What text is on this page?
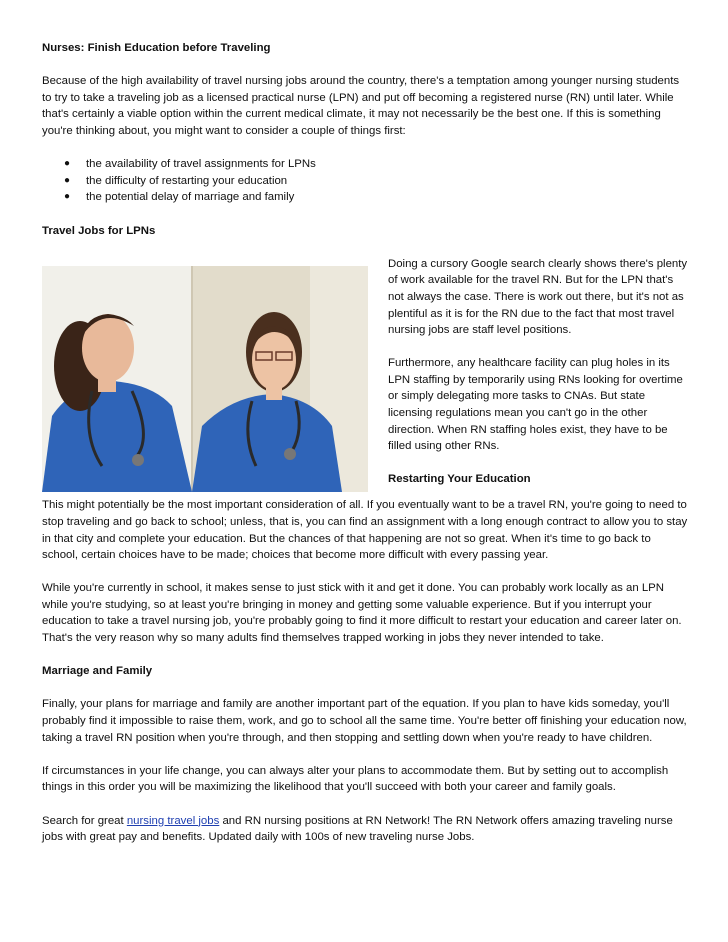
Nurses: Finish Education before Traveling

Because of the high availability of travel nursing jobs around the country, there's a temptation among younger nursing students to try to take a traveling job as a licensed practical nurse (LPN) and put off becoming a registered nurse (RN) until later. While that's certainly a viable option within the current medical climate, it may not necessarily be the best one. If this is something you're thinking about, you might want to consider a couple of things first:

● the availability of travel assignments for LPNs
● the difficulty of restarting your education
● the potential delay of marriage and family

Travel Jobs for LPNs

Doing a cursory Google search clearly shows there's plenty of work available for the travel RN. But for the LPN that's not always the case. There is work out there, but it's not as plentiful as it is for the RN due to the fact that most travel nursing jobs are staff level positions.

Furthermore, any healthcare facility can plug holes in its LPN staffing by temporarily using RNs looking for overtime or simply delegating more tasks to CNAs. But state licensing regulations mean you can't go in the other direction. When RN staffing holes exist, they have to be filled using other RNs.

Restarting Your Education

This might potentially be the most important consideration of all. If you eventually want to be a travel RN, you're going to need to stop traveling and go back to school; unless, that is, you can find an assignment with a long enough contract to allow you to stay in that city and complete your education. But the chances of that happening are not so great. When it's time to go back to school, certain choices have to be made; choices that become more difficult with every passing year.

While you're currently in school, it makes sense to just stick with it and get it done. You can probably work locally as an LPN while you're studying, so at least you're bringing in money and getting some valuable experience. But if you interrupt your education to take a travel nursing job, you're probably going to find it more difficult to restart your education and career later on. That's the very reason why so many adults find themselves trapped working in jobs they never intended to take.

Marriage and Family

Finally, your plans for marriage and family are another important part of the equation. If you plan to have kids someday, you'll probably find it impossible to raise them, work, and go to school all the same time. You're better off finishing your education now, taking a travel RN position when you're through, and then stopping and settling down when you're ready to have children.

If circumstances in your life change, you can always alter your plans to accommodate them. But by setting out to accomplish things in this order you will be maximizing the likelihood that you'll succeed with both your career and family goals.

Search for great nursing travel jobs and RN nursing positions at RN Network! The RN Network offers amazing traveling nurse jobs with great pay and benefits. Updated daily with 100s of new traveling nurse Jobs.
